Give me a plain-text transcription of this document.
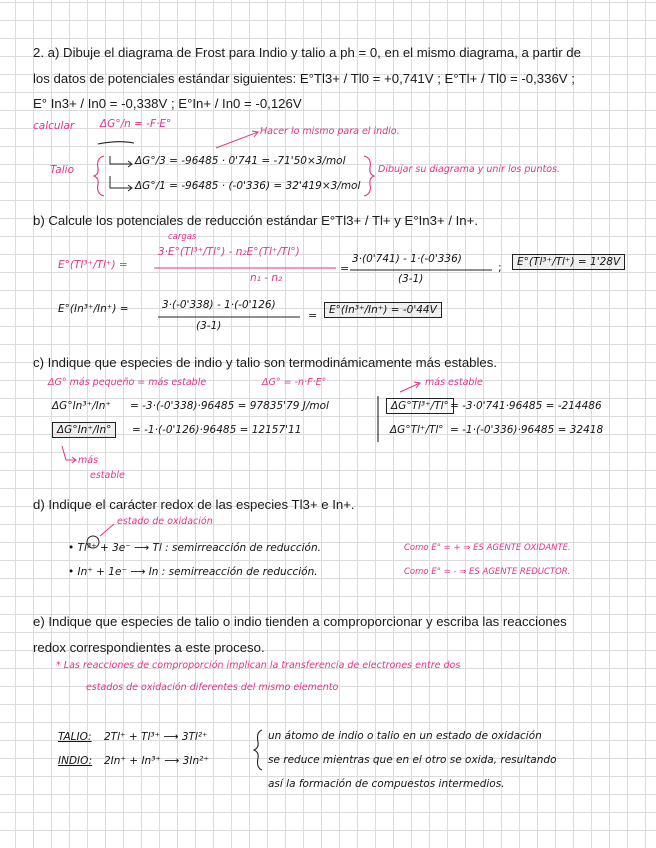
2. a) Dibuje el diagrama de Frost para Indio y talio a ph = 0, en el mismo diagrama, a partir de
los datos de potenciales estándar siguientes: E°Tl3+ / Tl0 = +0,741V ; E°Tl+ / Tl0 = -0,336V ;
E° In3+ / In0 = -0,338V ; E°In+ / In0 = -0,126V
calcular ΔG°/n = -F·E°
Hacer lo mismo para el indio.
Talio
ΔG°/3 = -96485 · 0'741 = -71'50×3/mol
ΔG°/1 = -96485 · (-0'336) = 32'419×3/mol
Dibujar su diagrama y unir los puntos.
b) Calcule los potenciales de reducción estándar E°Tl3+ / Tl+ y E°In3+ / In+.
cargas
E°(Tl³⁺/Tl⁺) =
3·E°(Tl³⁺/Tl°) - n₂E°(Tl⁺/Tl°)
n₁ - n₂
3·(0'741) - 1·(-0'336)
(3-1)
E°(Tl³⁺/Tl⁺) = 1'28V
E°(In³⁺/In⁺) =	3·(-0'338) - 1·(-0'126)
(3-1)
E°(In³⁺/In⁺) = -0'44V
c) Indique que especies de indio y talio son termodinámicamente más estables.
ΔG° más pequeño = más estable	ΔG° = -n·F·E°	más estable
ΔG°In³⁺/In⁺ = -3·(-0'338)·96485 = 97835'79 J/mol
ΔG°In⁺/In°	= -1·(-0'126)·96485 = 12157'11
ΔG°Tl³⁺/Tl° = -3·0'741·96485 = -214486
ΔG°Tl⁺/Tl° = -1·(-0'336)·96485 = 32418
más
estable
d) Indique el carácter redox de las especies Tl3+ e In+.
estado de oxidación
• Tl³⁺ + 3e⁻ ⟶ Tl : semirreacción de reducción.	Como E° = + ⇒ ES AGENTE OXIDANTE.
• In⁺ + 1e⁻ ⟶ In : semirreacción de reducción.	Como E° = - ⇒ ES AGENTE REDUCTOR.
e) Indique que especies de talio o indio tienden a comproporcionar y escriba las reacciones
redox correspondientes a este proceso.
* Las reacciones de comproporción implican la transferencia de electrones entre dos
estados de oxidación diferentes del mismo elemento
TALIO: 2Tl⁺ + Tl³⁺ ⟶ 3Tl²⁺
INDIO: 2In⁺ + In³⁺ ⟶ 3In²⁺
un átomo de indio o talio en un estado de oxidación
se reduce mientras que en el otro se oxida, resultando
así la formación de compuestos intermedios.
=	;
=
